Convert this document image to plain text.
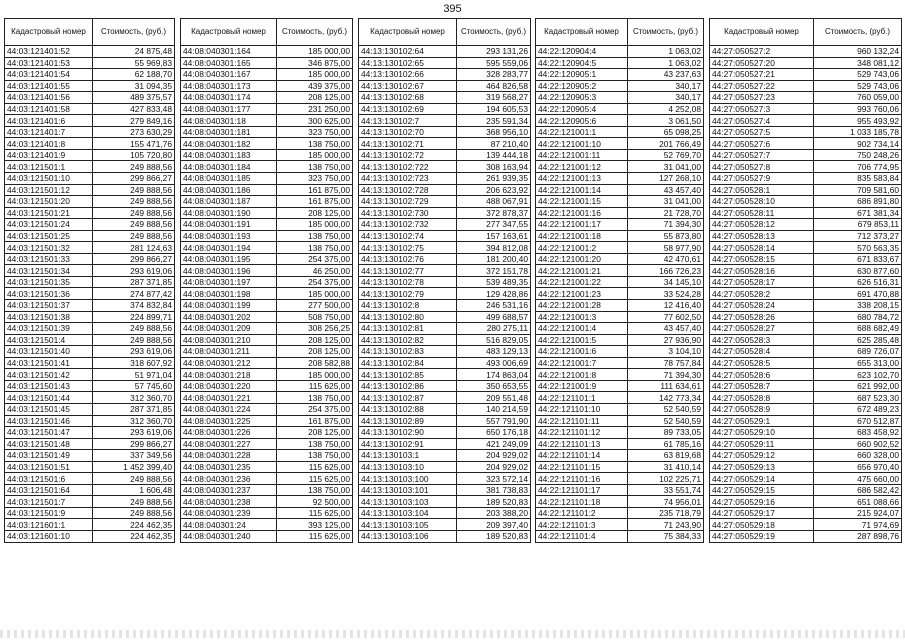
395
Кадастровый номер	Стоимость, (руб.)
44:03:121401:52	24 875,48
44:03:121401:53	55 969,83
44:03:121401:54	62 188,70
44:03:121401:55	31 094,35
44:03:121401:56	489 375,57
44:03:121401:58	427 833,48
44:03:121401:6	279 849,16
44:03:121401:7	273 630,29
44:03:121401:8	155 471,76
44:03:121401:9	105 720,80
44:03:121501:1	249 888,56
44:03:121501:10	299 866,27
44:03:121501:12	249 888,56
44:03:121501:20	249 888,56
44:03:121501:21	249 888,56
44:03:121501:24	249 888,56
44:03:121501:25	249 888,56
44:03:121501:32	281 124,63
44:03:121501:33	299 866,27
44:03:121501:34	293 619,06
44:03:121501:35	287 371,85
44:03:121501:36	274 877,42
44:03:121501:37	374 832,84
44:03:121501:38	224 899,71
44:03:121501:39	249 888,56
44:03:121501:4	249 888,56
44:03:121501:40	293 619,06
44:03:121501:41	318 607,92
44:03:121501:42	51 971,04
44:03:121501:43	57 745,60
44:03:121501:44	312 360,70
44:03:121501:45	287 371,85
44:03:121501:46	312 360,70
44:03:121501:47	293 619,06
44:03:121501:48	299 866,27
44:03:121501:49	337 349,56
44:03:121501:51	1 452 399,40
44:03:121501:6	249 888,56
44:03:121501:64	1 606,48
44:03:121501:7	249 888,56
44:03:121501:9	249 888,56
44:03:121601:1	224 462,35
44:03:121601:10	224 462,35
Кадастровый номер	Стоимость, (руб.)
44:08:040301:164	185 000,00
44:08:040301:165	346 875,00
44:08:040301:167	185 000,00
44:08:040301:173	439 375,00
44:08:040301:174	208 125,00
44:08:040301:177	231 250,00
44:08:040301:18	300 625,00
44:08:040301:181	323 750,00
44:08:040301:182	138 750,00
44:08:040301:183	185 000,00
44:08:040301:184	138 750,00
44:08:040301:185	323 750,00
44:08:040301:186	161 875,00
44:08:040301:187	161 875,00
44:08:040301:190	208 125,00
44:08:040301:191	185 000,00
44:08:040301:193	138 750,00
44:08:040301:194	138 750,00
44:08:040301:195	254 375,00
44:08:040301:196	46 250,00
44:08:040301:197	254 375,00
44:08:040301:198	185 000,00
44:08:040301:199	277 500,00
44:08:040301:202	508 750,00
44:08:040301:209	308 256,25
44:08:040301:210	208 125,00
44:08:040301:211	208 125,00
44:08:040301:212	208 582,88
44:08:040301:218	185 000,00
44:08:040301:220	115 625,00
44:08:040301:221	138 750,00
44:08:040301:224	254 375,00
44:08:040301:225	161 875,00
44:08:040301:226	208 125,00
44:08:040301:227	138 750,00
44:08:040301:228	138 750,00
44:08:040301:235	115 625,00
44:08:040301:236	115 625,00
44:08:040301:237	138 750,00
44:08:040301:238	92 500,00
44:08:040301:239	115 625,00
44:08:040301:24	393 125,00
44:08:040301:240	115 625,00
Кадастровый номер	Стоимость, (руб.)
44:13:130102:64	293 131,26
44:13:130102:65	595 559,06
44:13:130102:66	328 283,77
44:13:130102:67	464 826,58
44:13:130102:68	319 568,27
44:13:130102:69	194 605,53
44:13:130102:7	235 591,34
44:13:130102:70	368 956,10
44:13:130102:71	87 210,40
44:13:130102:72	139 444,18
44:13:130102:722	308 163,94
44:13:130102:723	261 939,35
44:13:130102:728	206 623,92
44:13:130102:729	488 067,91
44:13:130102:730	372 878,37
44:13:130102:732	277 347,55
44:13:130102:74	157 163,61
44:13:130102:75	394 812,08
44:13:130102:76	181 200,40
44:13:130102:77	372 151,78
44:13:130102:78	539 489,35
44:13:130102:79	129 428,86
44:13:130102:8	246 531,16
44:13:130102:80	499 688,57
44:13:130102:81	280 275,11
44:13:130102:82	516 829,05
44:13:130102:83	483 129,13
44:13:130102:84	493 006,69
44:13:130102:85	174 863,04
44:13:130102:86	350 653,55
44:13:130102:87	209 551,48
44:13:130102:88	140 214,59
44:13:130102:89	557 791,90
44:13:130102:90	650 176,18
44:13:130102:91	421 249,09
44:13:130103:1	204 929,02
44:13:130103:10	204 929,02
44:13:130103:100	323 572,14
44:13:130103:101	381 738,83
44:13:130103:103	189 520,83
44:13:130103:104	203 388,20
44:13:130103:105	209 397,40
44:13:130103:106	189 520,83
Кадастровый номер	Стоимость, (руб.)
44:22:120904:4	1 063,02
44:22:120904:5	1 063,02
44:22:120905:1	43 237,63
44:22:120905:2	340,17
44:22:120905:3	340,17
44:22:120905:4	4 252,08
44:22:120905:6	3 061,50
44:22:121001:1	65 098,25
44:22:121001:10	201 766,49
44:22:121001:11	52 769,70
44:22:121001:12	31 041,00
44:22:121001:13	127 268,10
44:22:121001:14	43 457,40
44:22:121001:15	31 041,00
44:22:121001:16	21 728,70
44:22:121001:17	71 394,30
44:22:121001:18	55 873,80
44:22:121001:2	58 977,90
44:22:121001:20	42 470,61
44:22:121001:21	166 726,23
44:22:121001:22	34 145,10
44:22:121001:23	33 524,28
44:22:121001:28	12 416,40
44:22:121001:3	77 602,50
44:22:121001:4	43 457,40
44:22:121001:5	27 936,90
44:22:121001:6	3 104,10
44:22:121001:7	78 757,84
44:22:121001:8	71 394,30
44:22:121001:9	111 634,61
44:22:121101:1	142 773,34
44:22:121101:10	52 540,59
44:22:121101:11	52 540,59
44:22:121101:12	89 733,05
44:22:121101:13	61 785,16
44:22:121101:14	63 819,68
44:22:121101:15	31 410,14
44:22:121101:16	102 225,71
44:22:121101:17	33 551,74
44:22:121101:18	74 956,01
44:22:121101:2	235 718,79
44:22:121101:3	71 243,90
44:22:121101:4	75 384,33
Кадастровый номер	Стоимость, (руб.)
44:27:050527:2	960 132,24
44:27:050527:20	348 081,12
44:27:050527:21	529 743,06
44:27:050527:22	529 743,06
44:27:050527:23	760 059,00
44:27:050527:3	993 760,06
44:27:050527:4	955 493,92
44:27:050527:5	1 033 185,78
44:27:050527:6	902 734,14
44:27:050527:7	750 248,26
44:27:050527:8	706 774,95
44:27:050527:9	835 583,84
44:27:050528:1	709 581,60
44:27:050528:10	686 891,80
44:27:050528:11	671 381,34
44:27:050528:12	679 853,11
44:27:050528:13	712 373,27
44:27:050528:14	570 563,35
44:27:050528:15	671 833,67
44:27:050528:16	630 877,60
44:27:050528:17	626 516,31
44:27:050528:2	691 470,88
44:27:050528:24	338 208,15
44:27:050528:26	680 784,72
44:27:050528:27	688 682,49
44:27:050528:3	625 285,48
44:27:050528:4	689 726,07
44:27:050528:5	655 313,00
44:27:050528:6	623 102,70
44:27:050528:7	621 992,00
44:27:050528:8	687 523,30
44:27:050528:9	672 489,23
44:27:050529:1	670 512,87
44:27:050529:10	683 458,92
44:27:050529:11	660 902,52
44:27:050529:12	660 328,00
44:27:050529:13	656 970,40
44:27:050529:14	475 660,00
44:27:050529:15	686 582,42
44:27:050529:16	651 088,66
44:27:050529:17	215 924,07
44:27:050529:18	71 974,69
44:27:050529:19	287 898,76
